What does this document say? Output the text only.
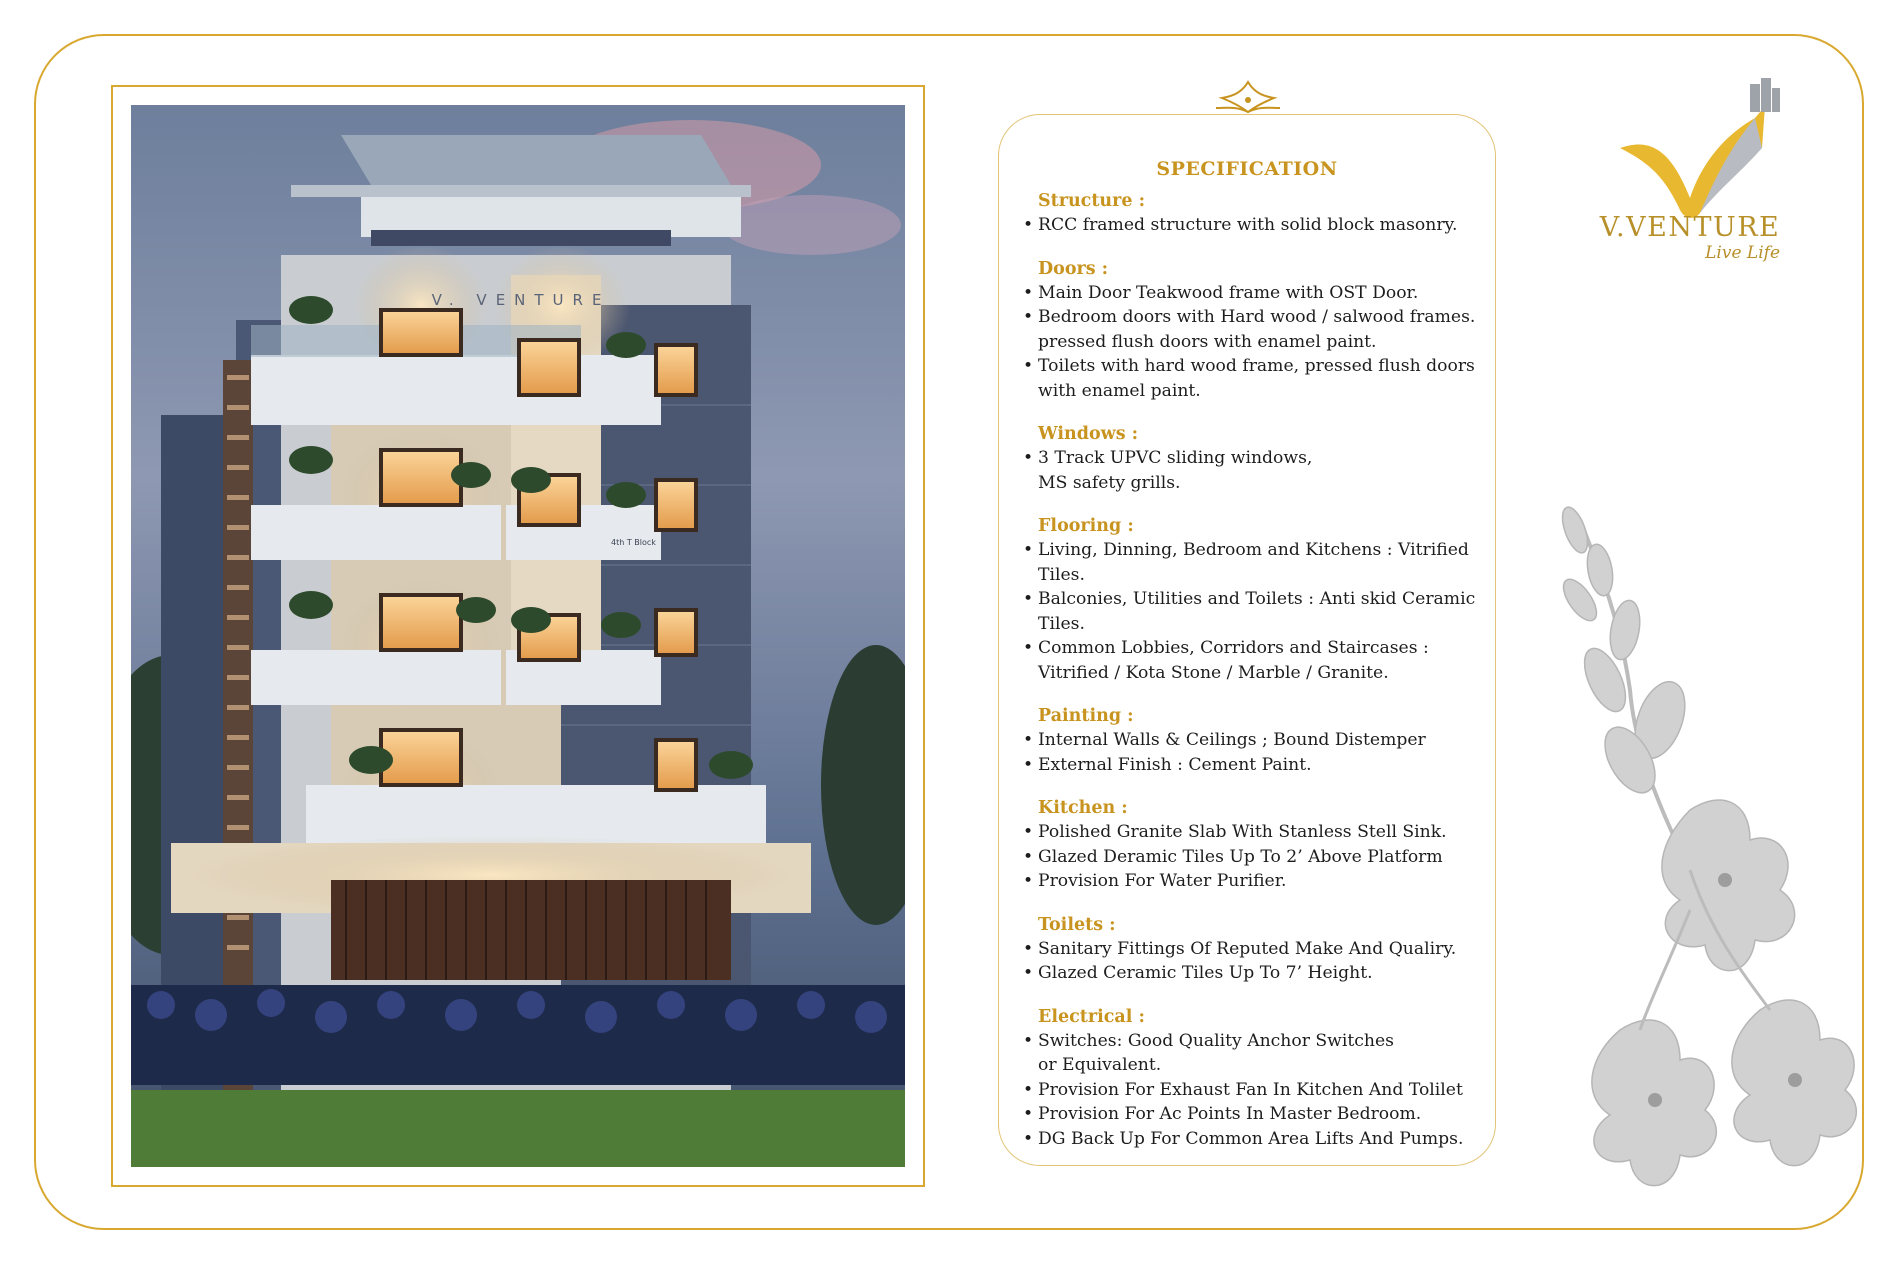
V. VENTURE
4th T Block
SPECIFICATION
Structure :
• RCC framed structure with solid block masonry.
Doors :
• Main Door Teakwood frame with OST Door.
• Bedroom doors with Hard wood / salwood frames. pressed flush doors with enamel paint.
• Toilets with hard wood frame, pressed flush doors with enamel paint.
Windows :
• 3 Track UPVC sliding windows, MS safety grills.
Flooring :
• Living, Dinning, Bedroom and Kitchens : Vitrified Tiles.
• Balconies, Utilities and Toilets : Anti skid Ceramic Tiles.
• Common Lobbies, Corridors and Staircases : Vitrified / Kota Stone / Marble / Granite.
Painting :
• Internal Walls & Ceilings ; Bound Distemper
• External Finish : Cement Paint.
Kitchen :
• Polished Granite Slab With Stanless Stell Sink.
• Glazed Deramic Tiles Up To 2’ Above Platform
• Provision For Water Purifier.
Toilets :
• Sanitary Fittings Of Reputed Make And Qualiry.
• Glazed Ceramic Tiles Up To 7’ Height.
Electrical :
• Switches: Good Quality Anchor Switches or Equivalent.
• Provision For Exhaust Fan In Kitchen And Tolilet
• Provision For Ac Points In Master Bedroom.
• DG Back Up For Common Area Lifts And Pumps.
V.VENTURE
Live Life
